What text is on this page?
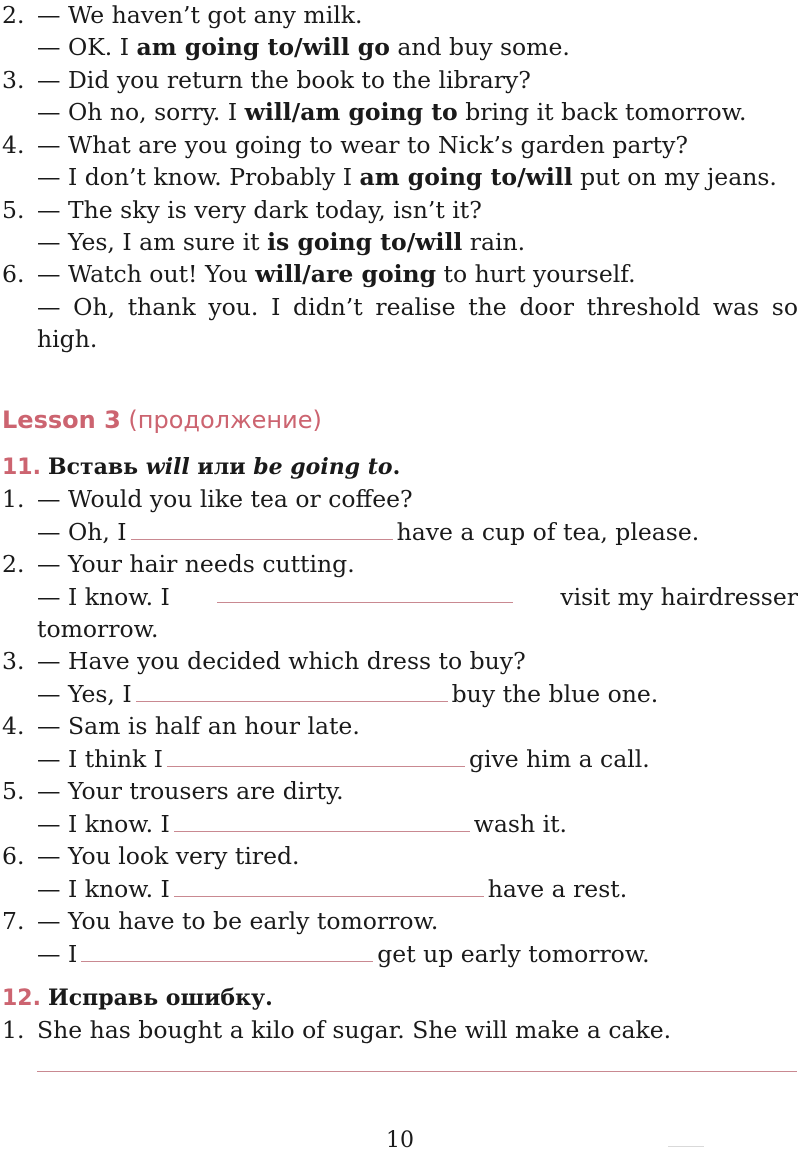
2. — We haven’t got any milk.
— OK. I am going to/will go and buy some.
3. — Did you return the book to the library?
— Oh no, sorry. I will/am going to bring it back tomorrow.
4. — What are you going to wear to Nick’s garden party?
— I don’t know. Probably I am going to/will put on my jeans.
5. — The sky is very dark today, isn’t it?
— Yes, I am sure it is going to/will rain.
6. — Watch out! You will/are going to hurt yourself.
— Oh, thank you. I didn’t realise the door threshold was so
high.
Lesson 3 (продолжение)
11. Вставь will или be going to.
1. — Would you like tea or coffee?
— Oh, I	have a cup of tea, please.
2. — Your hair needs cutting.
— I know. I	visit my hairdresser
tomorrow.
3. — Have you decided which dress to buy?
— Yes, I	buy the blue one.
4. — Sam is half an hour late.
— I think I	give him a call.
5. — Your trousers are dirty.
— I know. I	wash it.
6. — You look very tired.
— I know. I	have a rest.
7. — You have to be early tomorrow.
— I	get up early tomorrow.
12. Исправь ошибку.
1. She has bought a kilo of sugar. She will make a cake.
10
